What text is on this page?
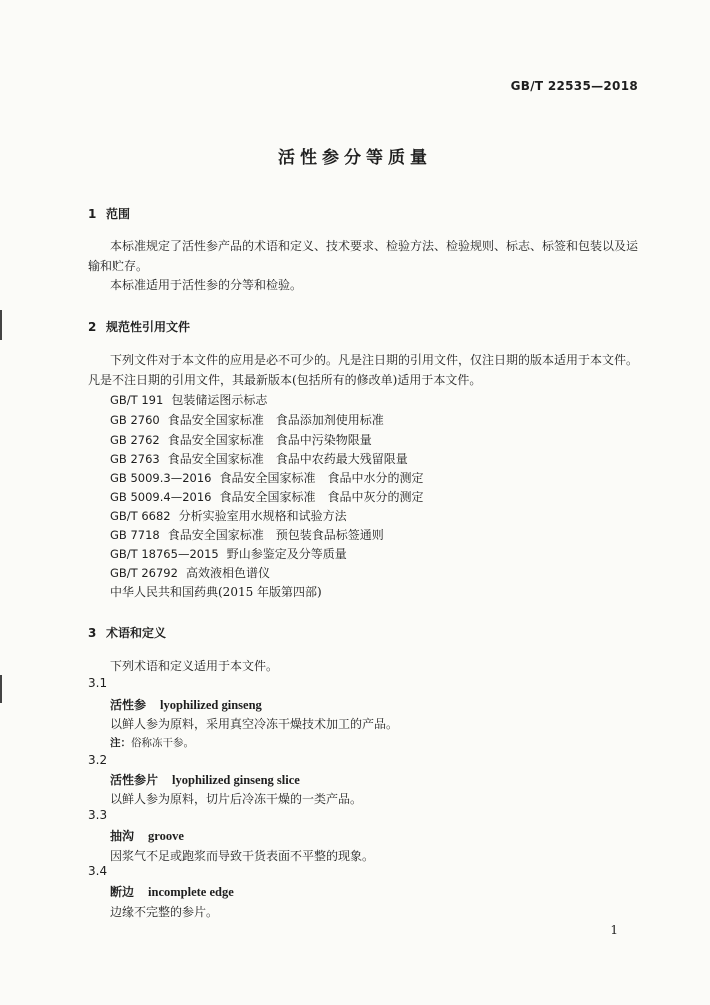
GB/T 22535—2018
活性参分等质量
1 范围

本标准规定了活性参产品的术语和定义、技术要求、检验方法、检验规则、标志、标签和包装以及运输和贮存。

本标准适用于活性参的分等和检验。

2 规范性引用文件

下列文件对于本文件的应用是必不可少的。凡是注日期的引用文件，仅注日期的版本适用于本文件。凡是不注日期的引用文件，其最新版本(包括所有的修改单)适用于本文件。

GB/T 191 包装储运图示标志
GB 2760 食品安全国家标准　食品添加剂使用标准
GB 2762 食品安全国家标准　食品中污染物限量
GB 2763 食品安全国家标准　食品中农药最大残留限量
GB 5009.3—2016 食品安全国家标准　食品中水分的测定
GB 5009.4—2016 食品安全国家标准　食品中灰分的测定
GB/T 6682 分析实验室用水规格和试验方法
GB 7718 食品安全国家标准　预包装食品标签通则
GB/T 18765—2015 野山参鉴定及分等质量
GB/T 26792 高效液相色谱仪
中华人民共和国药典(2015 年版第四部)
3 术语和定义
下列术语和定义适用于本文件。
3.1
活性参 lyophilized ginseng
以鲜人参为原料，采用真空冷冻干燥技术加工的产品。
注：俗称冻干参。
3.2
活性参片 lyophilized ginseng slice
以鲜人参为原料，切片后冷冻干燥的一类产品。
3.3
抽沟 groove
因浆气不足或跑浆而导致干货表面不平整的现象。
3.4
断边 incomplete edge
边缘不完整的参片。
1
